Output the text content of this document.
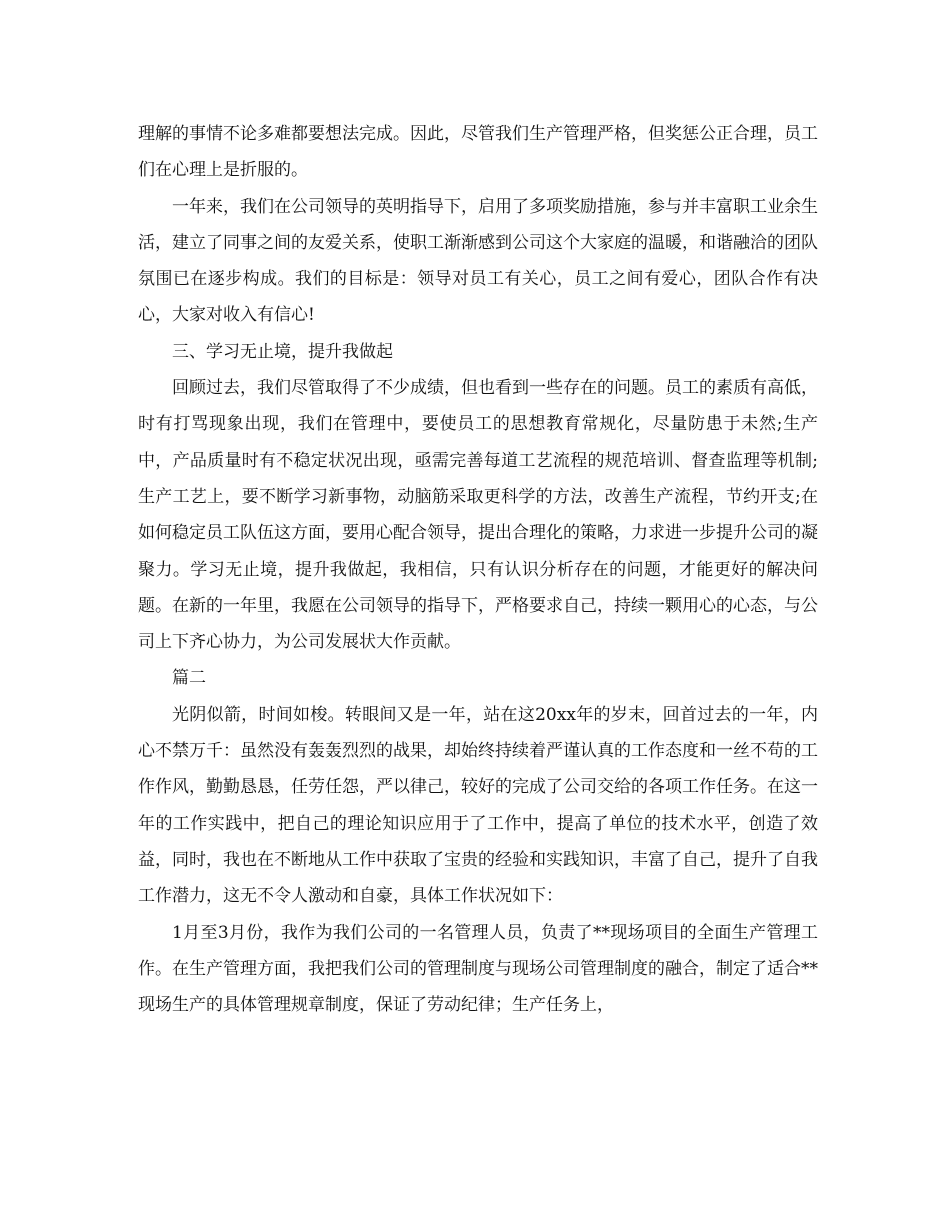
理解的事情不论多难都要想法完成。因此，尽管我们生产管理严格，但奖惩公正合理，员工们在心理上是折服的。

一年来，我们在公司领导的英明指导下，启用了多项奖励措施，参与并丰富职工业余生活，建立了同事之间的友爱关系，使职工渐渐感到公司这个大家庭的温暖，和谐融洽的团队氛围已在逐步构成。我们的目标是：领导对员工有关心，员工之间有爱心，团队合作有决心，大家对收入有信心!

三、学习无止境，提升我做起

回顾过去，我们尽管取得了不少成绩，但也看到一些存在的问题。员工的素质有高低，时有打骂现象出现，我们在管理中，要使员工的思想教育常规化，尽量防患于未然;生产中，产品质量时有不稳定状况出现，亟需完善每道工艺流程的规范培训、督查监理等机制;生产工艺上，要不断学习新事物，动脑筋采取更科学的方法，改善生产流程，节约开支;在如何稳定员工队伍这方面，要用心配合领导，提出合理化的策略，力求进一步提升公司的凝聚力。学习无止境，提升我做起，我相信，只有认识分析存在的问题，才能更好的解决问题。在新的一年里，我愿在公司领导的指导下，严格要求自己，持续一颗用心的心态，与公司上下齐心协力，为公司发展状大作贡献。

篇二

光阴似箭，时间如梭。转眼间又是一年，站在这20xx年的岁末，回首过去的一年，内心不禁万千：虽然没有轰轰烈烈的战果，却始终持续着严谨认真的工作态度和一丝不苟的工作作风，勤勤恳恳，任劳任怨，严以律己，较好的完成了公司交给的各项工作任务。在这一年的工作实践中，把自己的理论知识应用于了工作中，提高了单位的技术水平，创造了效益，同时，我也在不断地从工作中获取了宝贵的经验和实践知识，丰富了自己，提升了自我工作潜力，这无不令人激动和自豪，具体工作状况如下：

1月至3月份，我作为我们公司的一名管理人员，负责了**现场项目的全面生产管理工作。在生产管理方面，我把我们公司的管理制度与现场公司管理制度的融合，制定了适合**现场生产的具体管理规章制度，保证了劳动纪律；生产任务上，
